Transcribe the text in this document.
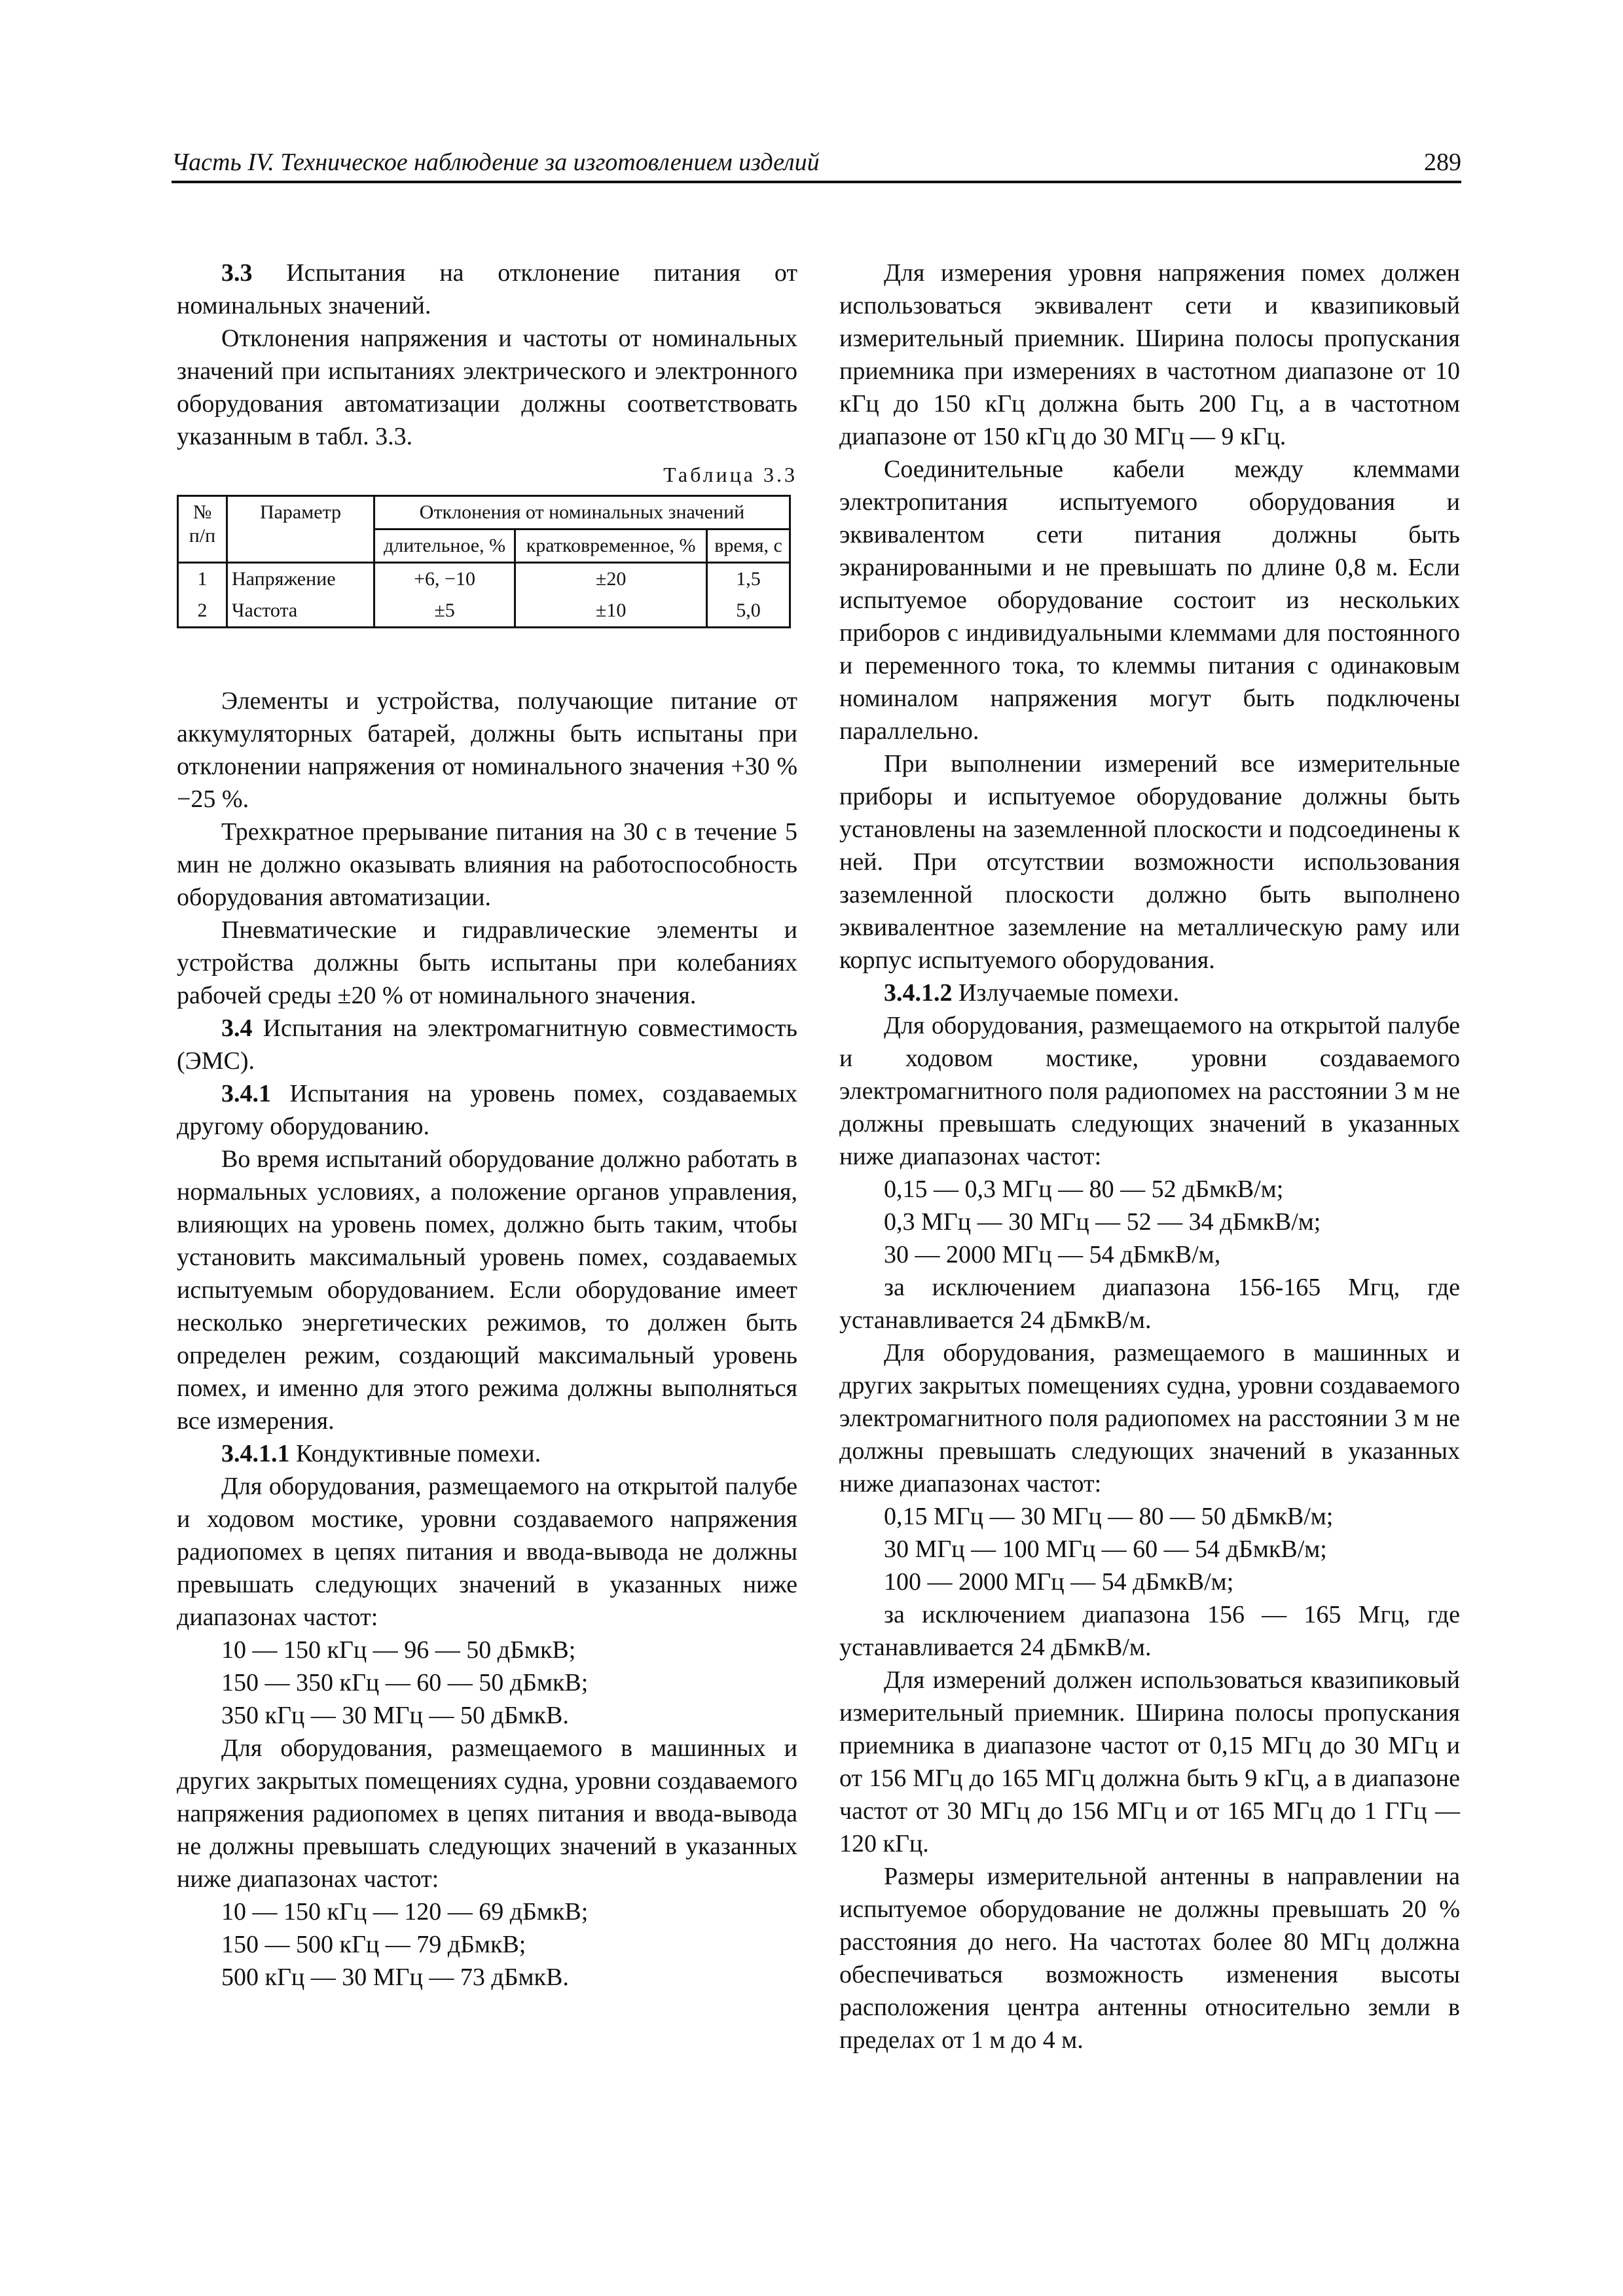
Часть IV. Техническое наблюдение за изготовлением изделий	289

3.3 Испытания на отклонение питания от номинальных значений.

Отклонения напряжения и частоты от номинальных значений при испытаниях электрического и электронного оборудования автоматизации должны соответствовать указанным в табл. 3.3.

Таблица 3.3
№ п/п	Параметр	Отклонения от номинальных значений		
		длительное, %	кратковременное, %	время, с
1	Напряжение	+6, −10	±20	1,5
2	Частота	±5	±10	5,0

Элементы и устройства, получающие питание от аккумуляторных батарей, должны быть испытаны при отклонении напряжения от номинального значения +30 % −25 %.

Трехкратное прерывание питания на 30 с в течение 5 мин не должно оказывать влияния на работоспособность оборудования автоматизации.

Пневматические и гидравлические элементы и устройства должны быть испытаны при колебаниях рабочей среды ±20 % от номинального значения.

3.4 Испытания на электромагнитную совместимость (ЭМС).

3.4.1 Испытания на уровень помех, создаваемых другому оборудованию.

Во время испытаний оборудование должно работать в нормальных условиях, а положение органов управления, влияющих на уровень помех, должно быть таким, чтобы установить максимальный уровень помех, создаваемых испытуемым оборудованием. Если оборудование имеет несколько энергетических режимов, то должен быть определен режим, создающий максимальный уровень помех, и именно для этого режима должны выполняться все измерения.

3.4.1.1 Кондуктивные помехи.

Для оборудования, размещаемого на открытой палубе и ходовом мостике, уровни создаваемого напряжения радиопомех в цепях питания и ввода-вывода не должны превышать следующих значений в указанных ниже диапазонах частот:

10 — 150 кГц — 96 — 50 дБмкВ;

150 — 350 кГц — 60 — 50 дБмкВ;

350 кГц — 30 МГц — 50 дБмкВ.

Для оборудования, размещаемого в машинных и других закрытых помещениях судна, уровни создаваемого напряжения радиопомех в цепях питания и ввода-вывода не должны превышать следующих значений в указанных ниже диапазонах частот:

10 — 150 кГц — 120 — 69 дБмкВ;

150 — 500 кГц — 79 дБмкВ;

500 кГц — 30 МГц — 73 дБмкВ.

Для измерения уровня напряжения помех должен использоваться эквивалент сети и квазипиковый измерительный приемник. Ширина полосы пропускания приемника при измерениях в частотном диапазоне от 10 кГц до 150 кГц должна быть 200 Гц, а в частотном диапазоне от 150 кГц до 30 МГц — 9 кГц.

Соединительные кабели между клеммами электропитания испытуемого оборудования и эквивалентом сети питания должны быть экранированными и не превышать по длине 0,8 м. Если испытуемое оборудование состоит из нескольких приборов с индивидуальными клеммами для постоянного и переменного тока, то клеммы питания с одинаковым номиналом напряжения могут быть подключены параллельно.

При выполнении измерений все измерительные приборы и испытуемое оборудование должны быть установлены на заземленной плоскости и подсоединены к ней. При отсутствии возможности использования заземленной плоскости должно быть выполнено эквивалентное заземление на металлическую раму или корпус испытуемого оборудования.

3.4.1.2 Излучаемые помехи.

Для оборудования, размещаемого на открытой палубе и ходовом мостике, уровни создаваемого электромагнитного поля радиопомех на расстоянии 3 м не должны превышать следующих значений в указанных ниже диапазонах частот:

0,15 — 0,3 МГц — 80 — 52 дБмкВ/м;

0,3 МГц — 30 МГц — 52 — 34 дБмкВ/м;

30 — 2000 МГц — 54 дБмкВ/м,

за исключением диапазона 156-165 Мгц, где устанавливается 24 дБмкВ/м.

Для оборудования, размещаемого в машинных и других закрытых помещениях судна, уровни создаваемого электромагнитного поля радиопомех на расстоянии 3 м не должны превышать следующих значений в указанных ниже диапазонах частот:

0,15 МГц — 30 МГц — 80 — 50 дБмкВ/м;

30 МГц — 100 МГц — 60 — 54 дБмкВ/м;

100 — 2000 МГц — 54 дБмкВ/м;

за исключением диапазона 156 — 165 Мгц, где устанавливается 24 дБмкВ/м.

Для измерений должен использоваться квазипиковый измерительный приемник. Ширина полосы пропускания приемника в диапазоне частот от 0,15 МГц до 30 МГц и от 156 МГц до 165 МГц должна быть 9 кГц, а в диапазоне частот от 30 МГц до 156 МГц и от 165 МГц до 1 ГГц — 120 кГц.

Размеры измерительной антенны в направлении на испытуемое оборудование не должны превышать 20 % расстояния до него. На частотах более 80 МГц должна обеспечиваться возможность изменения высоты расположения центра антенны относительно земли в пределах от 1 м до 4 м.
